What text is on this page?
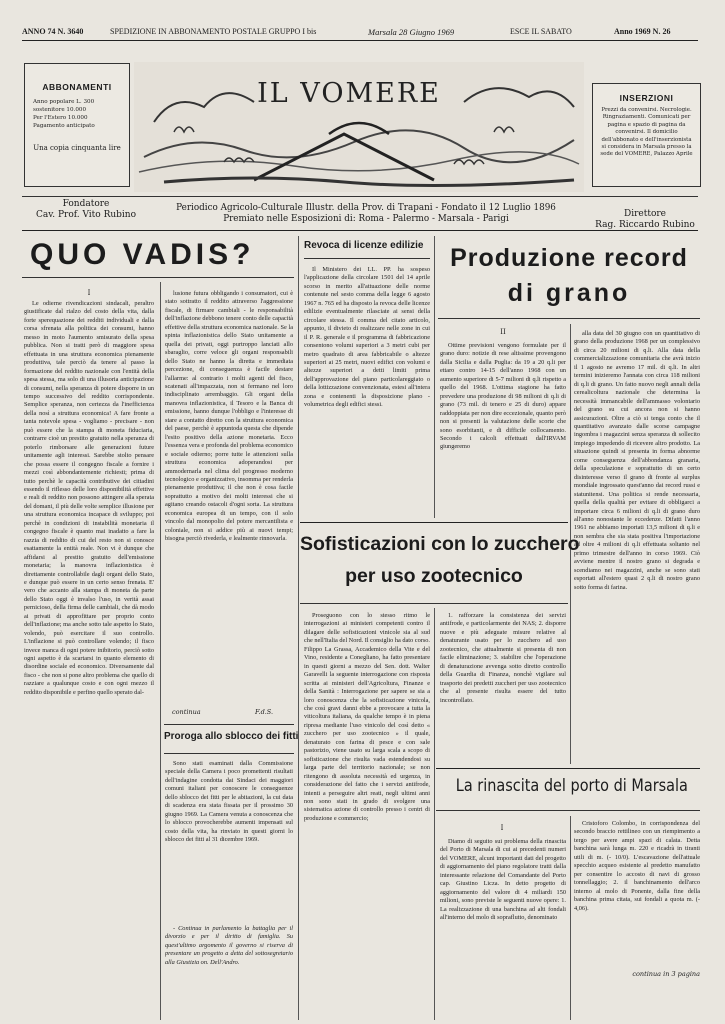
ANNO 74 N. 3640	SPEDIZIONE IN ABBONAMENTO POSTALE GRUPPO I bis	Marsala 28 Giugno 1969	ESCE IL SABATO	Anno 1969 N. 26
ABBONAMENTI
Anno popolare L. 300
sostenitore 10.000
Per l'Estero 10.000
Pagamento anticipato
Una copia cinquanta lire
IL VOMERE	INSERZIONI
Prezzi da convenirsi. Necrologie. Ringraziamenti. Comunicati per pagina e spazio di pagina da convenirsi. Il domicilio dell'abbonato e dell'inserzionista si considera in Marsala presso la sede del VOMERE, Palazzo Aprile
Fondatore
Cav. Prof. Vito Rubino
Periodico Agricolo-Culturale Illustr. della Prov. di Trapani - Fondato il 12 Luglio 1896
Premiato nelle Esposizioni di: Roma - Palermo - Marsala - Parigi	Direttore
Rag. Riccardo Rubino
QUO VADIS?
I

Le odierne rivendicazioni sindacali, peraltro giustificate dal rialzo del costo della vita, dalla forte sperequazione dei redditi individuali e dalla corsa sfrenata alla politica dei consumi, hanno messo in moto l'aumento smisurato della spesa pubblica. Non si tratti però di maggiore spesa effettuata in una struttura economica pienamente produttiva, tale perciò da tenere al passo la formazione del reddito nazionale con l'entità della spesa stessa, ma solo di una illusoria anticipazione di consumi, nella speranza di potere disporre in un tempo successivo del reddito corrispondente. Semplice speranza, non certezza da l'inefficienza della nosì a struttura economica! A fare fronte a tanta notevole spesa - vogliamo - precisare - non può essere che la stampa di moneta fiduciaria, contrarre cioè un prestito gratuito nella speranza di poterlo rimborsare alle generazioni future unitamente agli interessi. Sarebbe stolto pensare che possa essere il congegno fiscale a fornire i mezzi così abbondantemente richiesti; prima di tutto perchè le capacità contributive dei cittadini essendo il riflesso delle loro disponibilità effettive e reali di reddito non possono attingere alla sperata del domani, il più delle volte semplice illusione per una struttura economica incapace di sviluppo; poi perchè in condizioni di instabilità monetaria il congegno fiscale è quanto mai inadatto a fare la razzia di reddito di cui del resto non si conosce esattamente la entità reale. Non vi è dunque che affidarsi al prestito gratuito dell'emissione monetaria; la manovra inflazionistica è direttamente controllabile dagli organi dello Stato, e dunque può essere in un certo senso frenata. E' vero che accanto alla stampa di moneta da parte dello Stato oggi è invalso l'uso, in verità assai pernicioso, della firma delle cambiali, che dà modo ai privati di approfittare per proprio conto dell'inflazione; ma anche sotto tale aspetto lo Stato, volendo, può esercitare il suo controllo. L'inflazione si può controllare volendo; il fisco invece manca di ogni potere inibitorio, perciò sotto ogni aspetto è da scartarsi in quanto elemento di disordine sociale ed economico. Diversamente dal fisco - che non si pone altro problema che quello di razziare a qualunque costo e con ogni mezzo il reddito disponibile e perfino quello sperato dal-

lusione futura obbligando i consumatori, cui è stato sottratto il reddito attraverso l'aggressione fiscale, di firmare cambiali - le responsabilità dell'inflazione debbono tenere conto delle capacità effettive della struttura economica nazionale. Se la spinta inflazionistica dello Stato unitamente a quella dei privati, oggi purtroppo lanciati allo sbaraglio, corre veloce gli organi responsabili dello Stato ne hanno la diretta e immediata percezione, di conseguenza è facile destare l'allarme: al contrario i molti agenti del fisco, scatenati all'impazzata, non si fermano nel loro indisciplinato arrembaggio. Gli organi della manovra inflazionistica, il Tesoro e la Banca di emissione, hanno dunque l'obbligo e l'interesse di stare a contatto diretto con la struttura economica del paese, perchè è appuntoda questa che dipende l'esito positivo della azione monetaria. Ecco l'essenza vera e profonda del problema economico e sociale odierno; porre tutte le attenzioni sulla struttura economica adoperandosi per ammodernarla nel clima del progresso moderno tecnologico e organizzativo, insomma per renderla pienamente produttiva; il che non è cosa facile soprattutto a motivo dei molti interessi che si agitano creando ostacoli d'ogni sorta. La struttura economica europea di un tempo, con il solo vincolo dal monopolio del potere mercantilista e coloniale, non si addice più ai nuovi tempi; bisogna perciò rivederla, e lealmente rinnovarla.

continua	F.d.S.
Proroga allo sblocco dei fitti

Sono stati esaminati dalla Commissione speciale della Camera i poco promettenti risultati dell'indagine condotta dai Sindaci dei maggiori comuni italiani per conoscere le conseguenze dello sblocco dei fitti per le abitazioni, la cui data di scadenza era stata fissata per il prossimo 30 giugno 1969. La Camera venuta a conoscenza che lo sblocco provocherebbe aumenti impensati sul costo della vita, ha rinviato in questi giorni lo sblocco dei fitti al 31 dicembre 1969.

- Continua in parlamento la battaglia per il divorzio e per il diritto di famiglia. Su quest'ultimo argomento il governo si riserva di presentare un progetto a detta del sottosegretario alla Giustizia on. Dell'Andro.

Revoca di licenze edilizie

Il Ministero dei LL. PP. ha sospeso l'applicazione della circolare 1501 del 14 aprile scorso in merito all'attuazione delle norme contenute nel sesto comma della legge 6 agosto 1967 n. 765 ed ha disposto la revoca delle licenze edilizie eventualmente rilasciate ai sensi della circolare stessa. Il comma del citato articolo, appunto, il divieto di realizzare nelle zone in cui il P. R. generale e il programma di fabbricazione consentono volumi superiori a 3 metri cubi per metro quadrato di area fabbricabile o altezze superiori ai 25 metri, nuovi edifici con volumi e altezze superiori a detti limiti prima dell'approvazione del piano particolareggiato o della lottizzazione convenzionata, estesi all'intera zona e contenenti la disposizione plano - volumetrica degli edifici stessi.

Produzione record
di grano
II

Ottime previsioni vengono formulate per il grano duro: notizie di rese altissime provengono dalla Sicilia e dalla Puglia: da 19 a 20 q.li per ettaro contro 14-15 dell'anno 1968 con un aumento superiore di 5-7 milioni di q.li rispetto a quello del 1968. L'ottima stagione ha fatto prevedere una produzione di 98 milioni di q.li di grano (73 mil. di tenero e 25 di duro) appare raddoppiata per non dire eccezionale, quanto però non si presenti la valutazione delle scorte che sono esorbitanti, e di difficile collocamento. Secondo i calcoli effettuati dall'IRVAM giungeremo

alla data del 30 giugno con un quantitativo di grano della produzione 1968 per un complessivo di circa 20 milioni di q.li. Alla data della commercializzazione comunitaria che avrà inizio il 1 agosto ne avremo 17 mil. di q.li. In altri termini inizieremo l'annata con circa 118 milioni di q.li di grano. Un fatto nuovo negli annali della cerealicoltura nazionale che determina la necessità immancabile dell'ammasso volontario del grano su cui ancora non si hanno assicurazioni. Oltre a ciò si tenga conto che il quantitativo avanzato dalle scorse campagne ingombra i magazzini senza speranza di sollecito impiego impedendo di ricevere altro prodotto. La situazione quindi si presenta in forma abnorme come conseguenza dell'abbondanza granaria, della speculazione e soprattutto di un certo disinteresse verso il grano di fronte al surplus mondiale ingrossato quest'anno dai record russi e statunitensi. Una politica si rende necessaria, quella della qualità per evitare di obbligarci a importare circa 6 milioni di q.li di grano duro all'anno nonostante le eccedenze. Difatti l'anno 1961 ne abbiamo importati 13,5 milioni di q.li e non sembra che sia stata positiva l'importazione ad oltre 4 milioni di q.li effettuata soltanto nel primo trimestre dell'anno in corso 1969. Ciò avviene mentre il nostro grano si degrada e scendiamo nei magazzini, anche se sono stati esportati all'estero quasi 2 q.li di nostro grano sotto forma di farina.

Sofisticazioni con lo zucchero
per uso zootecnico

Proseguono con lo stesso ritmo le interrogazioni ai ministeri competenti contro il dilagare delle sofisticazioni vinicole sia al sud che nell'Italia del Nord. Il consiglio ha dato corso. Filippo La Grassa, Accademico della Vite e del Vino, residente a Conegliano, ha fatto presentare in questi giorni a mezzo del Sen. dott. Walter Garavelli la seguente interrogazione con risposta scritta ai ministeri dell'Agricoltura, Finanze e della Sanità : Interrogazione per sapere se sia a loro conoscenza che la sofisticazione vinicola, che così gravi danni ebbe a provocare a tutta la viticoltura italiana, da qualche tempo è in piena ripresa mediante l'uso vinicolo del così detto « zucchero per uso zootecnico » il quale, denaturato con farina di pesce e con sale pastorizio, viene usato su larga scala a scopo di sofisticazione che risulta vada estendendosi su larga parte del territorio nazionale; se non ritengono di assoluta necessità ed urgenza, in considerazione del fatto che i servizi antifrode, intenti a perseguire altri reati, negli ultimi anni non sono stati in grado di svolgere una sistematica azione di controllo presso i centri di produzione e commercio;

1. rafforzare la consistenza dei servizi antifrode, e particolarmente dei NAS; 2. disporre nuove e più adeguate misure relative al denaturante usato per lo zucchero ad uso zootecnico, che attualmente si presenta di non facile eliminazione; 3. stabilire che l'operazione di denaturazione avvenga sotto diretto controllo della Guardia di Finanza, nonchè vigilare sul trasporto dei predetti zuccheri per uso zootecnico che al presente risulta essere del tutto incontrollato.

La rinascita del porto di Marsala
I

Diamo di seguito sui problema della rinascita del Porto di Marsala di cui ai precedenti numeri del VOMERE, alcuni importanti dati del progetto di aggiornamento del piano regolatore tratti dalla interessante relazione del Comandante del Porto cap. Giustino Licza. In detto progetto di aggiornamento del valore di 4 miliardi 150 milioni, sono previste le seguenti nuove opere: 1. La realizzazione di una banchina ad alti fondali all'interno del molo di sopraflutto, denominato

Cristoforo Colombo, in corrispondenza del secondo braccio rettilineo con un riempimento a tergo per avere ampi spazi di calata. Detta banchina sarà lunga m. 220 e ricadrà in tiranti utili di m. (- 10/0). L'escavazione dell'attuale specchio acqueo esistente al predetto manufatto per consentire lo accosto di navi di grosso tonnellaggio; 2. il banchinamento dell'arco interno al molo di Ponente, dalla fine della banchina prima citata, sui fondali a quota m. (- 4,06).

continua in 3 pagina
